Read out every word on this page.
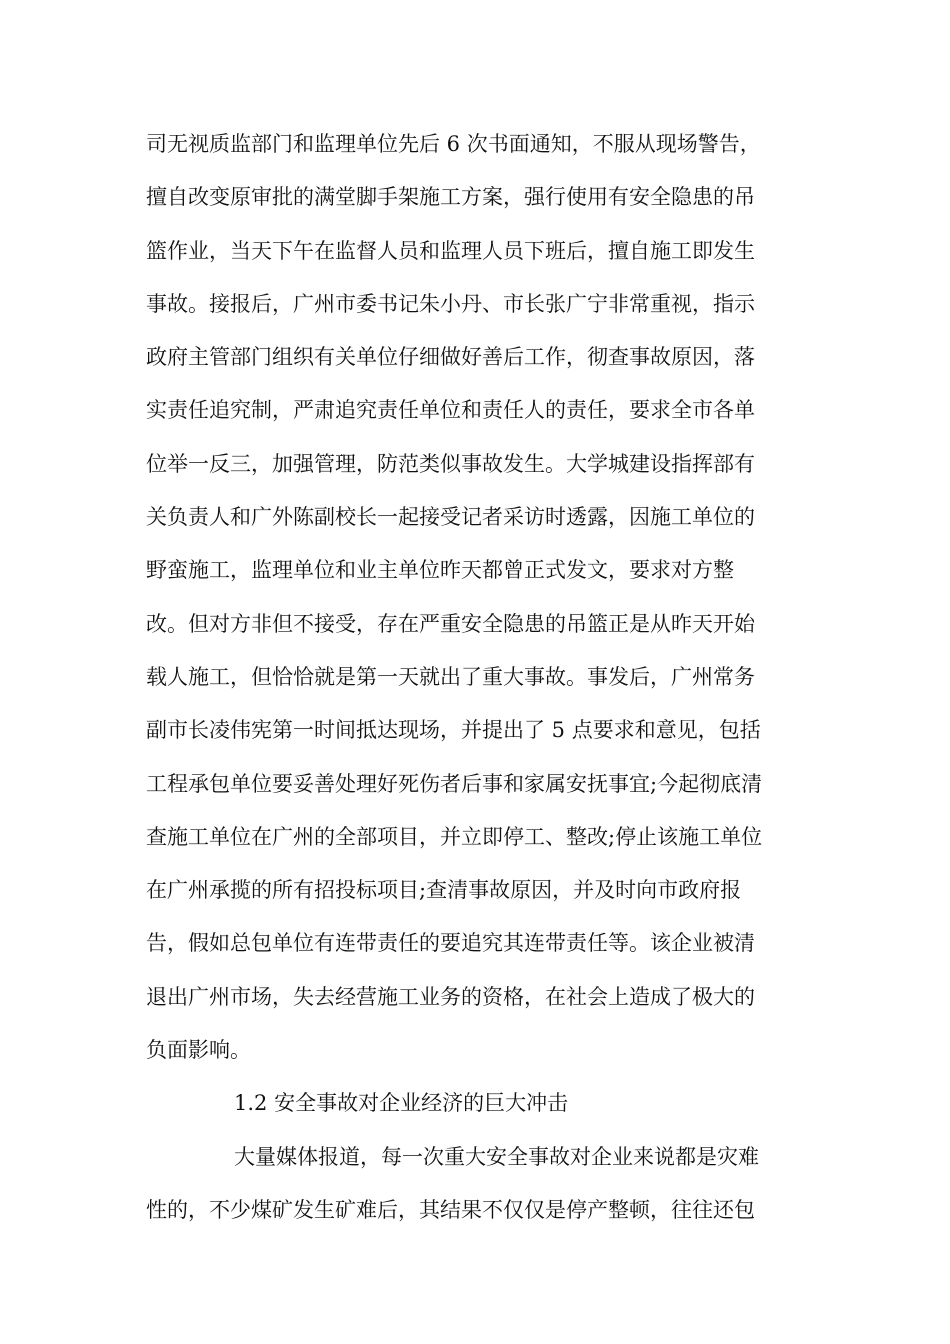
司无视质监部门和监理单位先后 6 次书面通知，不服从现场警告，
擅自改变原审批的满堂脚手架施工方案，强行使用有安全隐患的吊
篮作业，当天下午在监督人员和监理人员下班后，擅自施工即发生
事故。接报后，广州市委书记朱小丹、市长张广宁非常重视，指示
政府主管部门组织有关单位仔细做好善后工作，彻查事故原因，落
实责任追究制，严肃追究责任单位和责任人的责任，要求全市各单
位举一反三，加强管理，防范类似事故发生。大学城建设指挥部有
关负责人和广外陈副校长一起接受记者采访时透露，因施工单位的
野蛮施工，监理单位和业主单位昨天都曾正式发文，要求对方整
改。但对方非但不接受，存在严重安全隐患的吊篮正是从昨天开始
载人施工，但恰恰就是第一天就出了重大事故。事发后，广州常务
副市长凌伟宪第一时间抵达现场，并提出了 5 点要求和意见，包括
工程承包单位要妥善处理好死伤者后事和家属安抚事宜;今起彻底清
查施工单位在广州的全部项目，并立即停工、整改;停止该施工单位
在广州承揽的所有招投标项目;查清事故原因，并及时向市政府报
告，假如总包单位有连带责任的要追究其连带责任等。该企业被清
退出广州市场，失去经营施工业务的资格，在社会上造成了极大的
负面影响。
1.2 安全事故对企业经济的巨大冲击
大量媒体报道，每一次重大安全事故对企业来说都是灾难
性的，不少煤矿发生矿难后，其结果不仅仅是停产整顿，往往还包
